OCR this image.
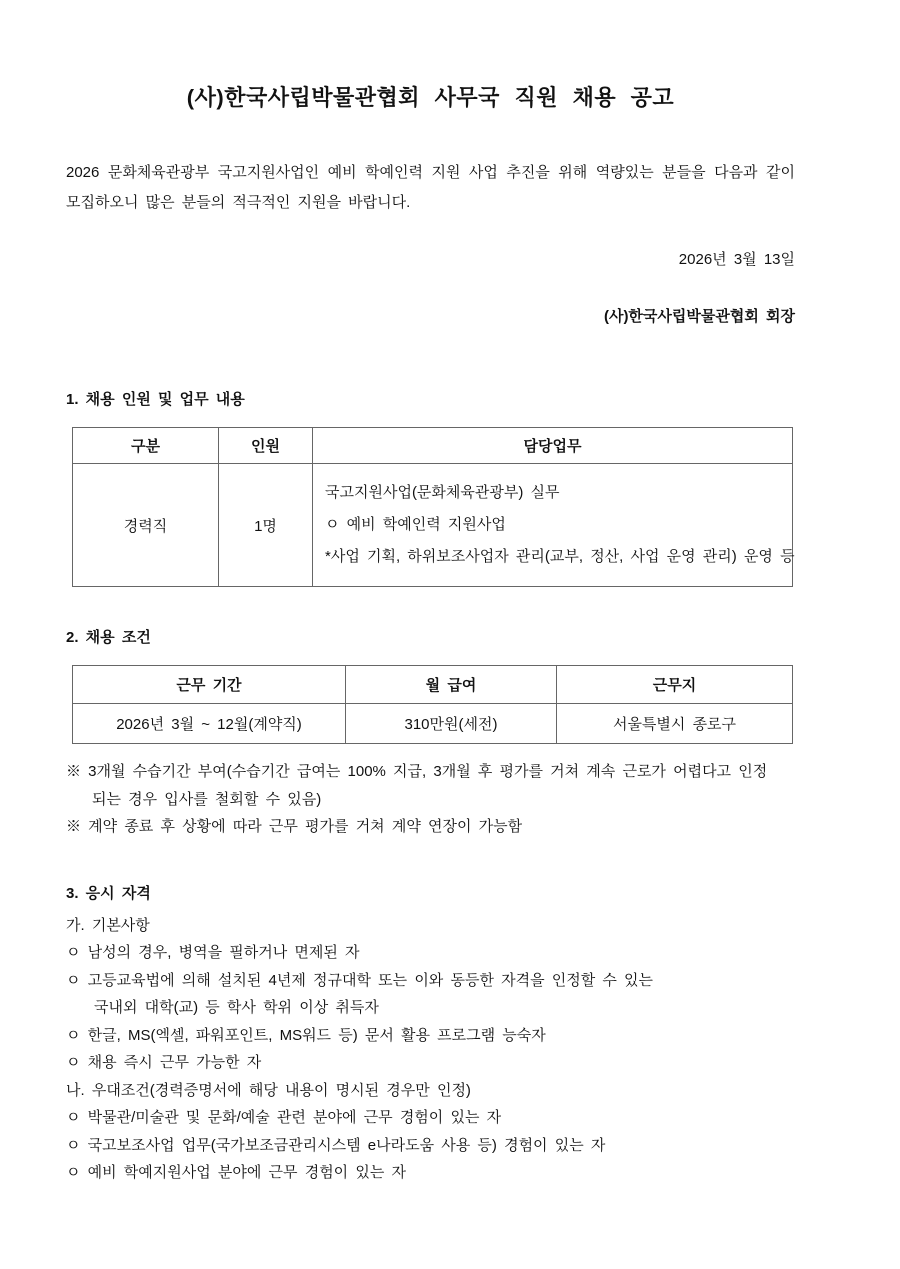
(사)한국사립박물관협회 사무국 직원 채용 공고

2026 문화체육관광부 국고지원사업인 예비 학예인력 지원 사업 추진을 위해 역량있는 분들을 다음과 같이
모집하오니 많은 분들의 적극적인 지원을 바랍니다.

2026년 3월 13일
(사)한국사립박물관협회 회장
1. 채용 인원 및 업무 내용
구분	인원	담당업무
경력직	1명	국고지원사업(문화체육관광부) 실무
ㅇ 예비 학예인력 지원사업
*사업 기획, 하위보조사업자 관리(교부, 정산, 사업 운영 관리) 운영 등
2. 채용 조건
근무 기간	월 급여	근무지
2026년 3월 ~ 12월(계약직)	310만원(세전)	서울특별시 종로구
※ 3개월 수습기간 부여(수습기간 급여는 100% 지급, 3개월 후 평가를 거쳐 계속 근로가 어렵다고 인정
되는 경우 입사를 철회할 수 있음)
※ 계약 종료 후 상황에 따라 근무 평가를 거쳐 계약 연장이 가능함
3. 응시 자격
가. 기본사항
ㅇ 남성의 경우, 병역을 필하거나 면제된 자
ㅇ 고등교육법에 의해 설치된 4년제 정규대학 또는 이와 동등한 자격을 인정할 수 있는
국내외 대학(교) 등 학사 학위 이상 취득자
ㅇ 한글, MS(엑셀, 파워포인트, MS워드 등) 문서 활용 프로그램 능숙자
ㅇ 채용 즉시 근무 가능한 자
나. 우대조건(경력증명서에 해당 내용이 명시된 경우만 인정)
ㅇ 박물관/미술관 및 문화/예술 관련 분야에 근무 경험이 있는 자
ㅇ 국고보조사업 업무(국가보조금관리시스템 e나라도움 사용 등) 경험이 있는 자
ㅇ 예비 학예지원사업 분야에 근무 경험이 있는 자
